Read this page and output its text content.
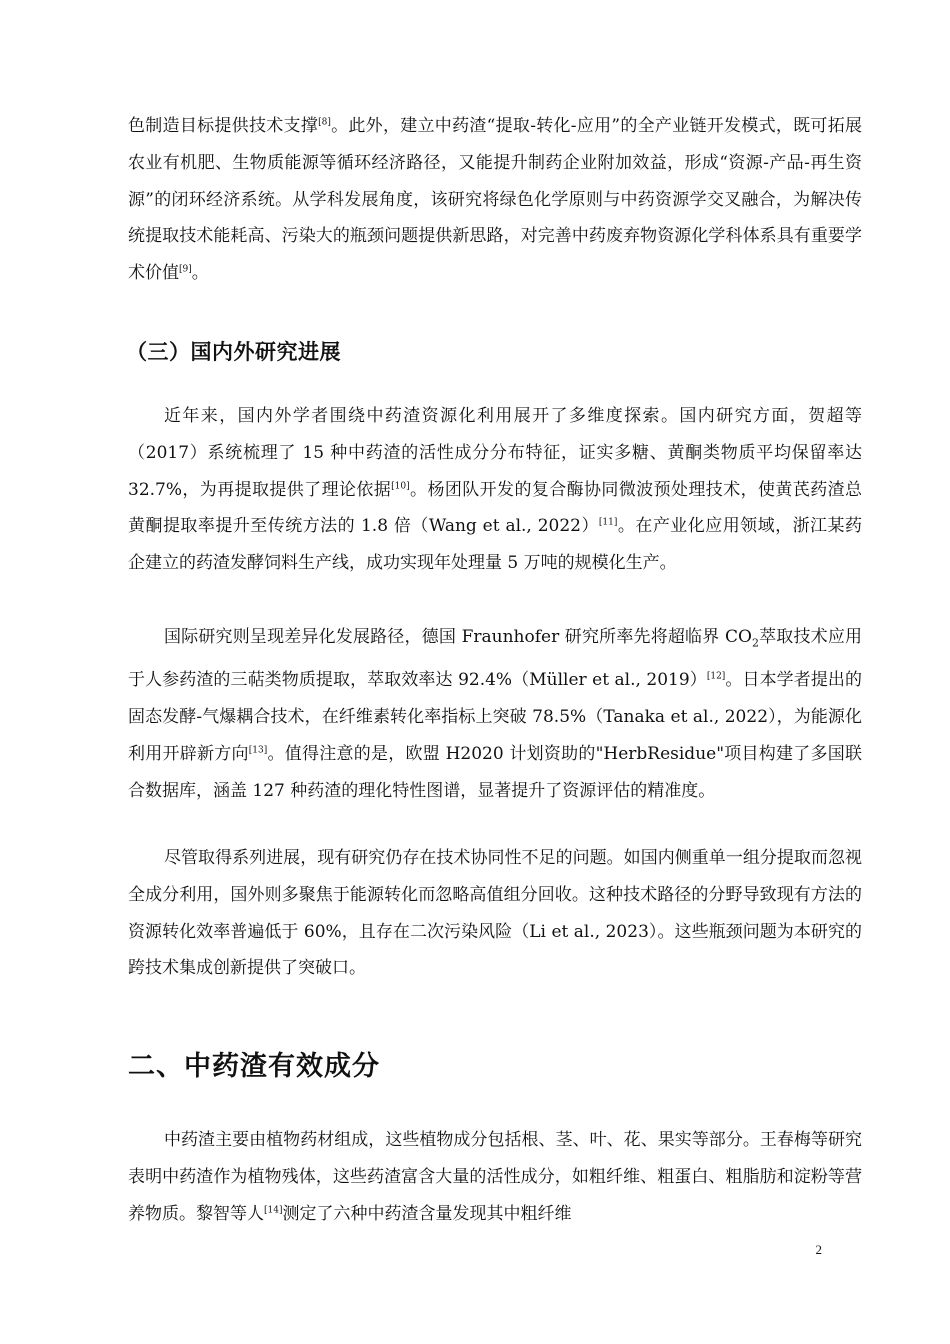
色制造目标提供技术支撑[8]。此外，建立中药渣“提取-转化-应用”的全产业链开发模式，既可拓展农业有机肥、生物质能源等循环经济路径，又能提升制药企业附加效益，形成“资源-产品-再生资源”的闭环经济系统。从学科发展角度，该研究将绿色化学原则与中药资源学交叉融合，为解决传统提取技术能耗高、污染大的瓶颈问题提供新思路，对完善中药废弃物资源化学科体系具有重要学术价值[9]。

（三）国内外研究进展

近年来，国内外学者围绕中药渣资源化利用展开了多维度探索。国内研究方面，贺超等（2017）系统梳理了 15 种中药渣的活性成分分布特征，证实多糖、黄酮类物质平均保留率达 32.7%，为再提取提供了理论依据[10]。杨团队开发的复合酶协同微波预处理技术，使黄芪药渣总黄酮提取率提升至传统方法的 1.8 倍（Wang et al., 2022）[11]。在产业化应用领域，浙江某药企建立的药渣发酵饲料生产线，成功实现年处理量 5 万吨的规模化生产。

国际研究则呈现差异化发展路径，德国 Fraunhofer 研究所率先将超临界 $CO_2$萃取技术应用于人参药渣的三萜类物质提取，萃取效率达 92.4%（Müller et al., 2019）[12]。日本学者提出的固态发酵-气爆耦合技术，在纤维素转化率指标上突破 78.5%（Tanaka et al., 2022），为能源化利用开辟新方向[13]。值得注意的是，欧盟 H2020 计划资助的"HerbResidue"项目构建了多国联合数据库，涵盖 127 种药渣的理化特性图谱，显著提升了资源评估的精准度。

尽管取得系列进展，现有研究仍存在技术协同性不足的问题。如国内侧重单一组分提取而忽视全成分利用，国外则多聚焦于能源转化而忽略高值组分回收。这种技术路径的分野导致现有方法的资源转化效率普遍低于 60%，且存在二次污染风险（Li et al., 2023）。这些瓶颈问题为本研究的跨技术集成创新提供了突破口。

二、中药渣有效成分

中药渣主要由植物药材组成，这些植物成分包括根、茎、叶、花、果实等部分。王春梅等研究表明中药渣作为植物残体，这些药渣富含大量的活性成分，如粗纤维、粗蛋白、粗脂肪和淀粉等营养物质。黎智等人[14]测定了六种中药渣含量发现其中粗纤维

2
